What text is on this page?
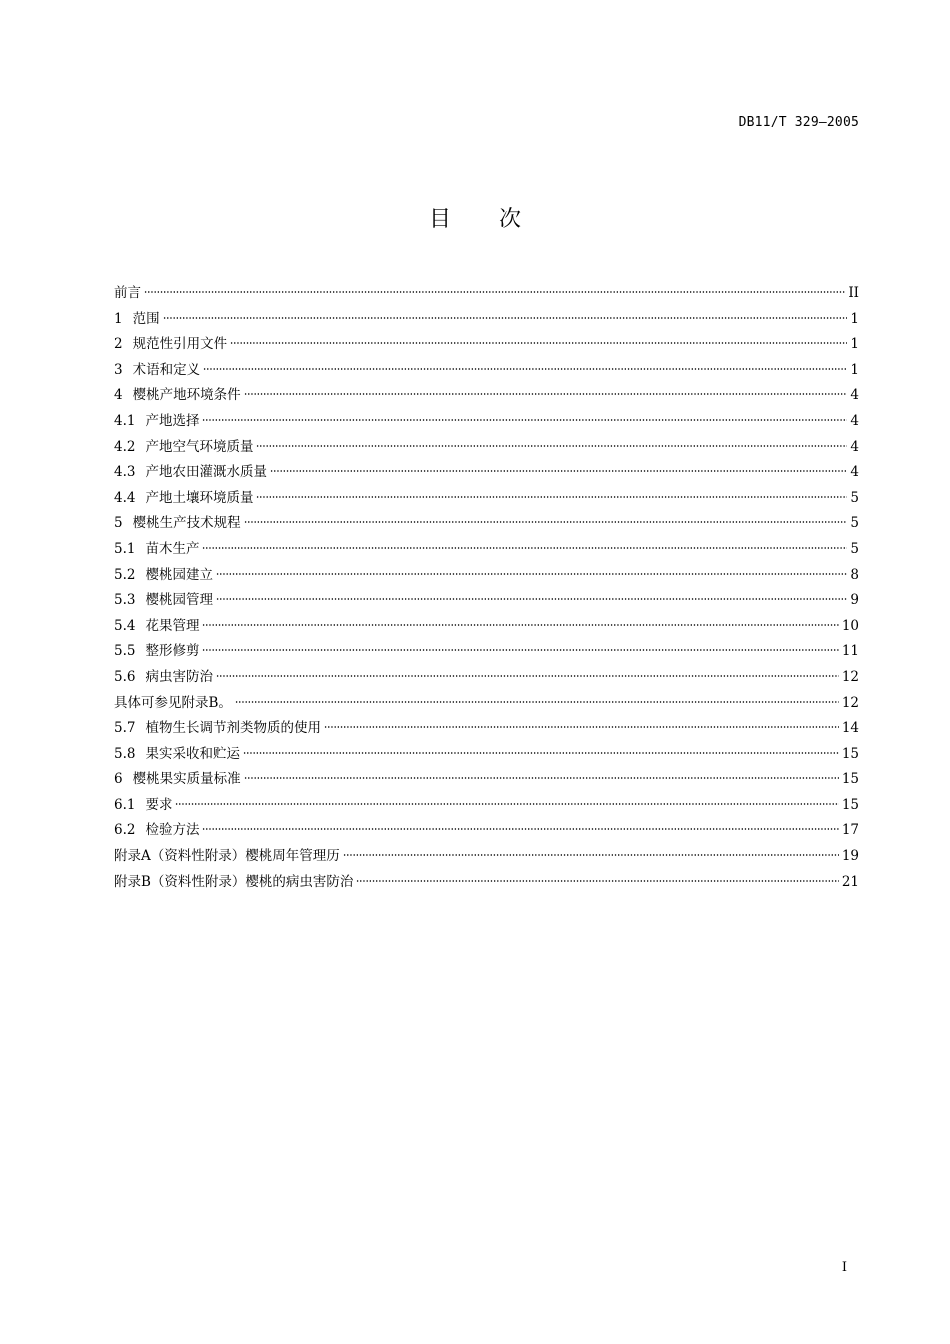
DB11/T 329—2005
目 次
前言	II
1 范围	1
2 规范性引用文件	1
3 术语和定义	1
4 樱桃产地环境条件	4
4.1 产地选择	4
4.2 产地空气环境质量	4
4.3 产地农田灌溉水质量	4
4.4 产地土壤环境质量	5
5 樱桃生产技术规程	5
5.1 苗木生产	5
5.2 樱桃园建立	8
5.3 樱桃园管理	9
5.4 花果管理	10
5.5 整形修剪	11
5.6 病虫害防治	12
具体可参见附录B。	12
5.7 植物生长调节剂类物质的使用	14
5.8 果实采收和贮运	15
6 樱桃果实质量标准	15
6.1 要求	15
6.2 检验方法	17
附录A（资料性附录）樱桃周年管理历	19
附录B（资料性附录）樱桃的病虫害防治	21
I
